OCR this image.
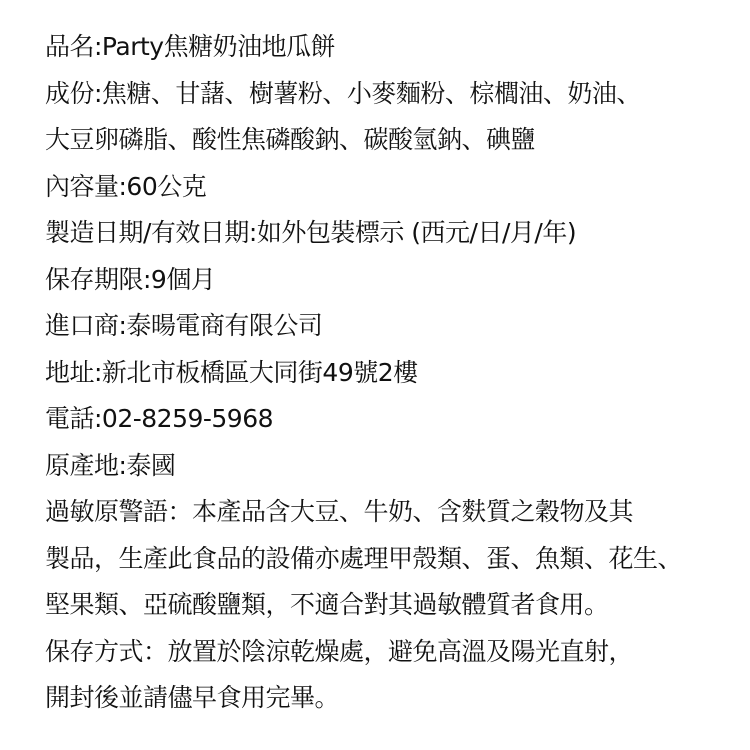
品名:Party焦糖奶油地瓜餅
成份:焦糖、甘藷、樹薯粉、小麥麵粉、棕櫚油、奶油、
大豆卵磷脂、酸性焦磷酸鈉、碳酸氫鈉、碘鹽
內容量:60公克
製造日期/有效日期:如外包裝標示 (西元/日/月/年)
保存期限:9個月
進口商:泰暘電商有限公司
地址:新北市板橋區大同街49號2樓
電話:02-8259-5968
原產地:泰國
過敏原警語：本產品含大豆、牛奶、含麩質之穀物及其
製品，生產此食品的設備亦處理甲殼類、蛋、魚類、花生、
堅果類、亞硫酸鹽類，不適合對其過敏體質者食用。
保存方式：放置於陰涼乾燥處，避免高溫及陽光直射，
開封後並請儘早食用完畢。
